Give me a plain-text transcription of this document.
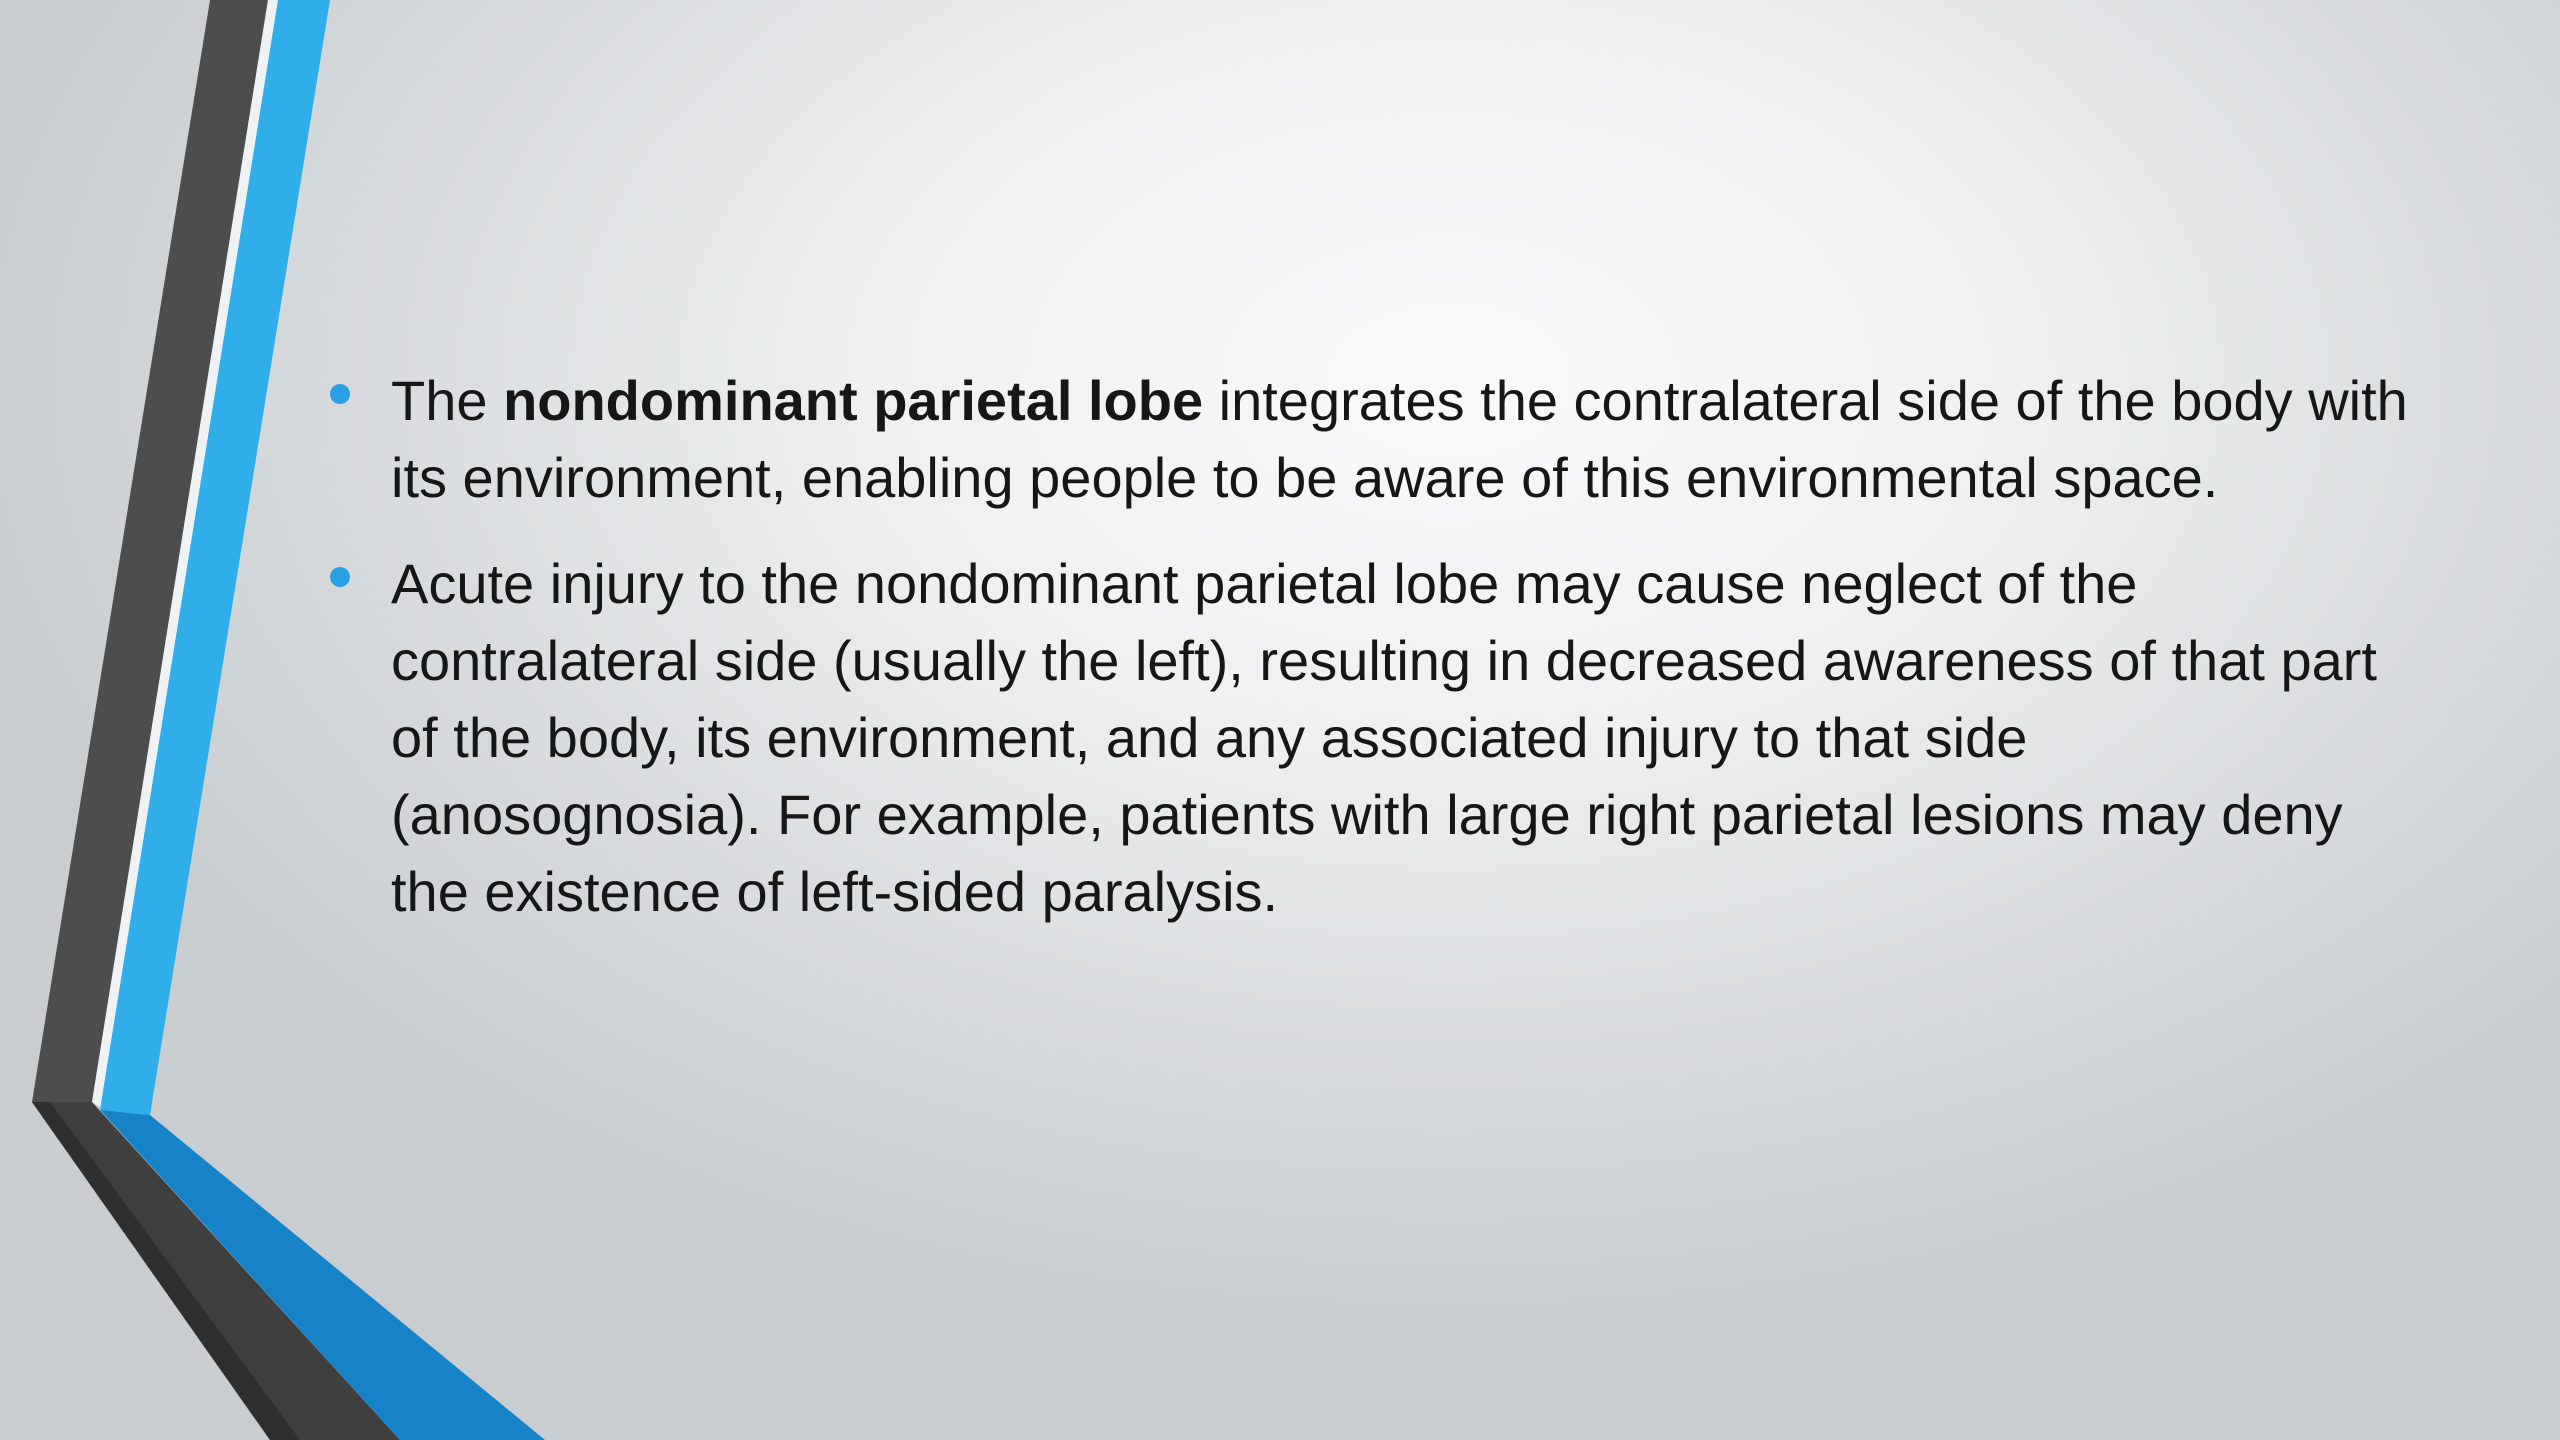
The nondominant parietal lobe integrates the contralateral side of the body with its environment, enabling people to be aware of this environmental space.
Acute injury to the nondominant parietal lobe may cause neglect of the contralateral side (usually the left), resulting in decreased awareness of that part of the body, its environment, and any associated injury to that side (anosognosia). For example, patients with large right parietal lesions may deny the existence of left-sided paralysis.
